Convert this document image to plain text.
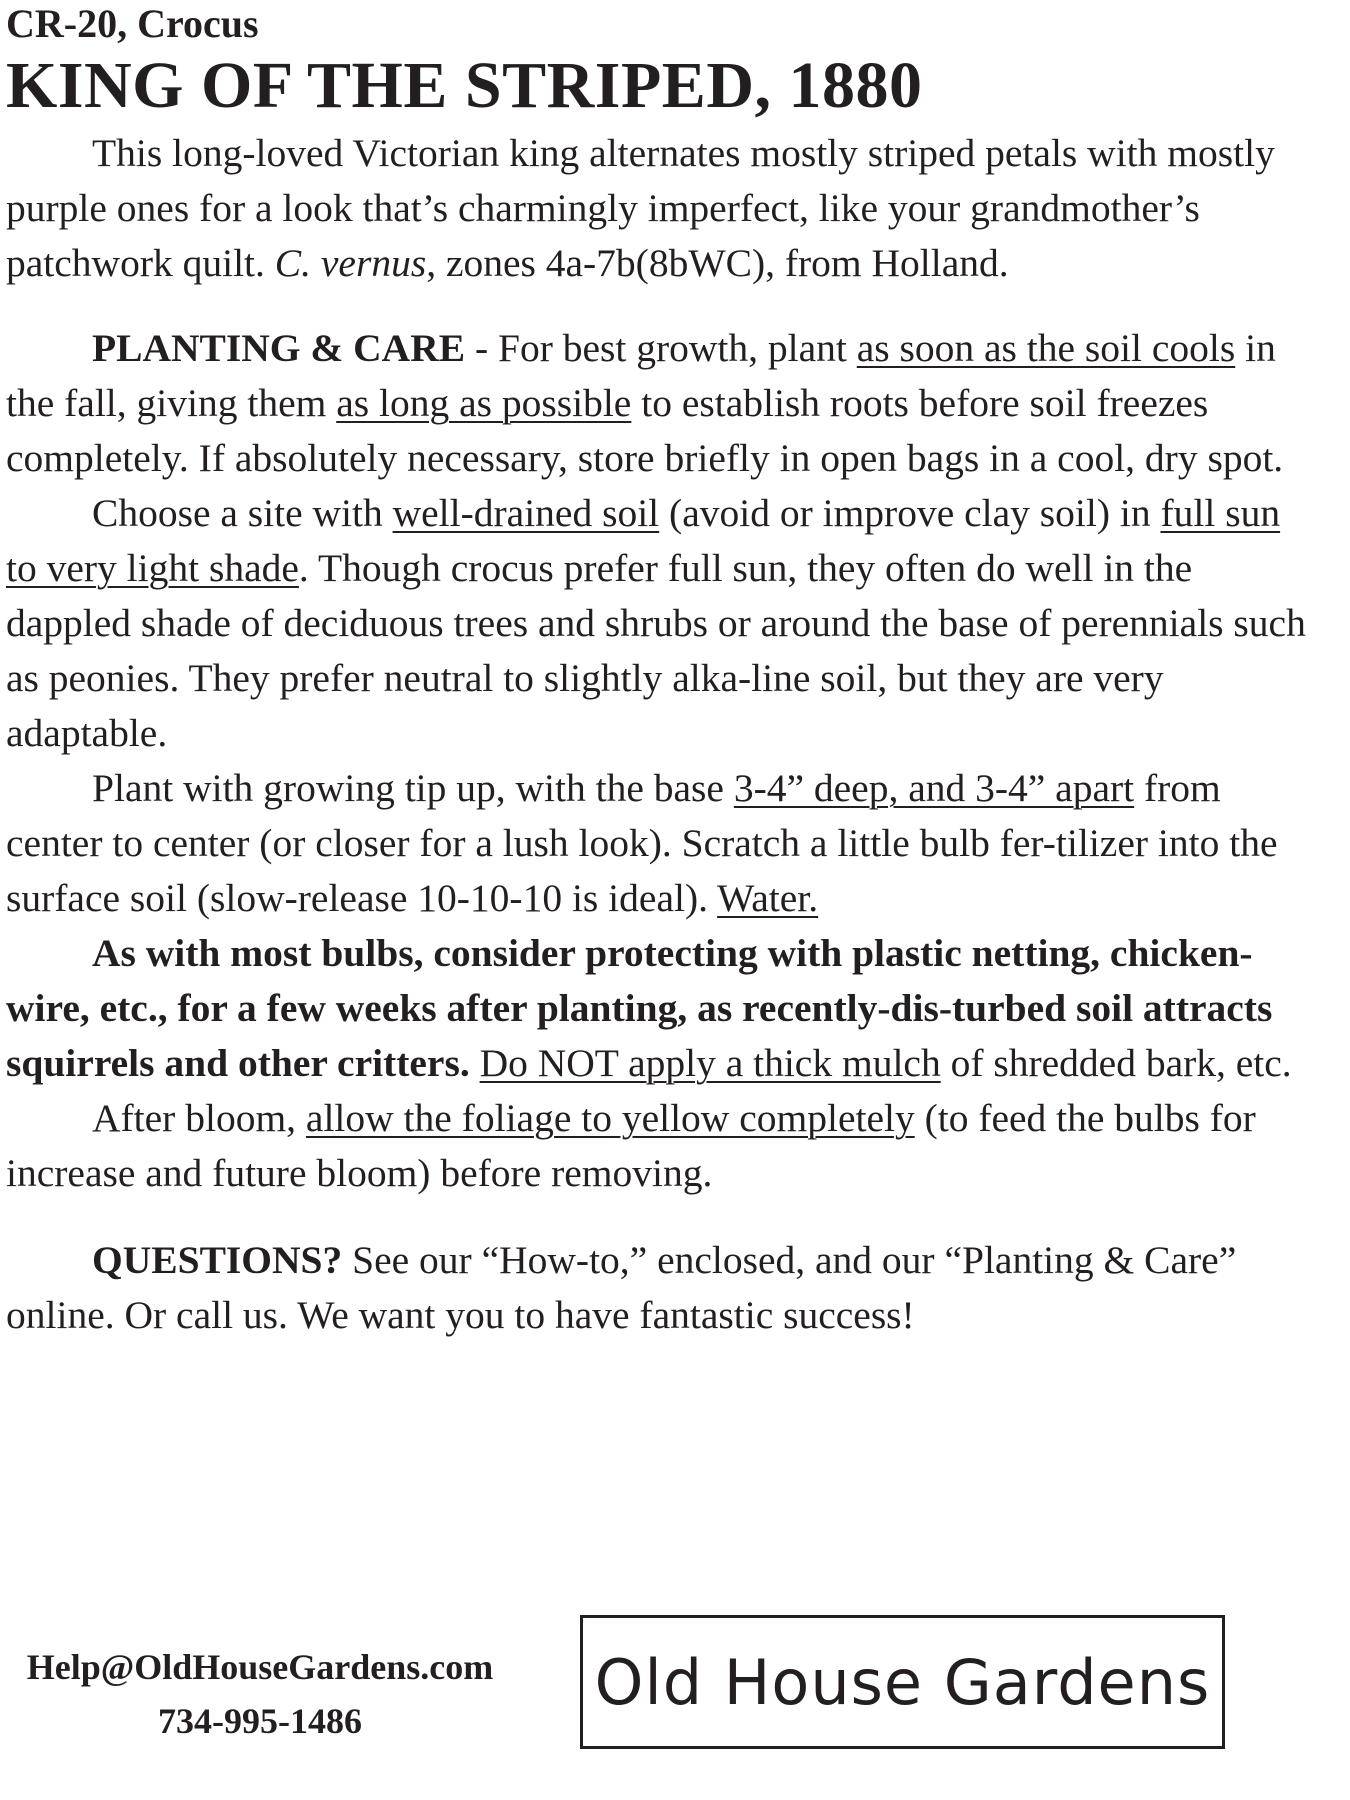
CR-20, Crocus
KING OF THE STRIPED, 1880

This long-loved Victorian king alternates mostly striped petals with mostly purple ones for a look that’s charmingly imperfect, like your grandmother’s patchwork quilt. C. vernus, zones 4a-7b(8bWC), from Holland.

PLANTING & CARE - For best growth, plant as soon as the soil cools in the fall, giving them as long as possible to establish roots before soil freezes completely. If absolutely necessary, store briefly in open bags in a cool, dry spot.

Choose a site with well-drained soil (avoid or improve clay soil) in full sun to very light shade. Though crocus prefer full sun, they often do well in the dappled shade of deciduous trees and shrubs or around the base of perennials such as peonies. They prefer neutral to slightly alka-line soil, but they are very adaptable.

Plant with growing tip up, with the base 3-4” deep, and 3-4” apart from center to center (or closer for a lush look). Scratch a little bulb fer-tilizer into the surface soil (slow-release 10-10-10 is ideal). Water.

As with most bulbs, consider protecting with plastic netting, chicken-wire, etc., for a few weeks after planting, as recently-dis-turbed soil attracts squirrels and other critters. Do NOT apply a thick mulch of shredded bark, etc.

After bloom, allow the foliage to yellow completely (to feed the bulbs for increase and future bloom) before removing.

QUESTIONS? See our “How-to,” enclosed, and our “Planting & Care” online. Or call us. We want you to have fantastic success!

Help@OldHouseGardens.com
734-995-1486
Old House Gardens
